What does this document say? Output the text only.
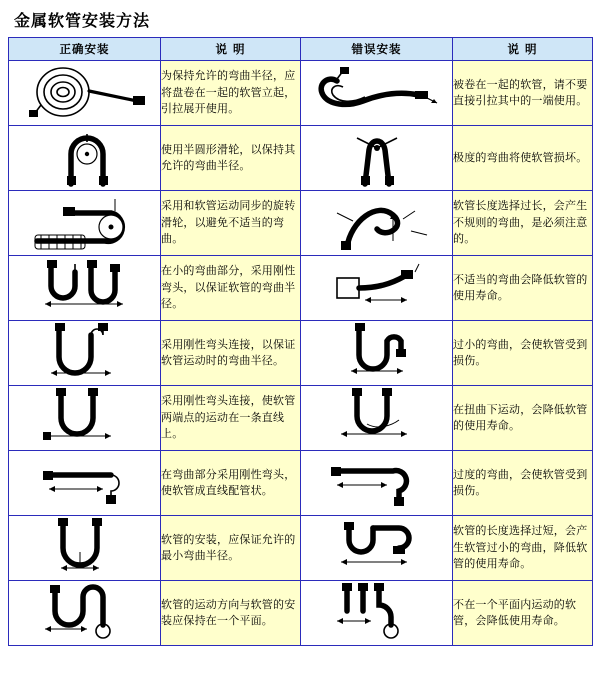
金属软管安装方法
正确安装	说 明	错误安装	说 明

	为保持允许的弯曲半径，应将盘卷在一起的软管立起，引拉展开使用。		被卷在一起的软管，请不要直接引拉其中的一端使用。

	使用半圆形滑轮，以保持其允许的弯曲半径。		极度的弯曲将使软管损坏。

	采用和软管运动同步的旋转滑轮，以避免不适当的弯曲。		软管长度选择过长，会产生不规则的弯曲，是必须注意的。

	在小的弯曲部分，采用刚性弯头，以保证软管的弯曲半径。		不适当的弯曲会降低软管的使用寿命。

	采用刚性弯头连接，以保证软管运动时的弯曲半径。		过小的弯曲，会使软管受到损伤。

	采用刚性弯头连接，使软管两端点的运动在一条直线上。		在扭曲下运动，会降低软管的使用寿命。

	在弯曲部分采用刚性弯头，使软管成直线配管状。		过度的弯曲，会使软管受到损伤。

	软管的安装，应保证允许的最小弯曲半径。		软管的长度选择过短，会产生软管过小的弯曲，降低软管的使用寿命。

	软管的运动方向与软管的安装应保持在一个平面。		不在一个平面内运动的软管，会降低使用寿命。
